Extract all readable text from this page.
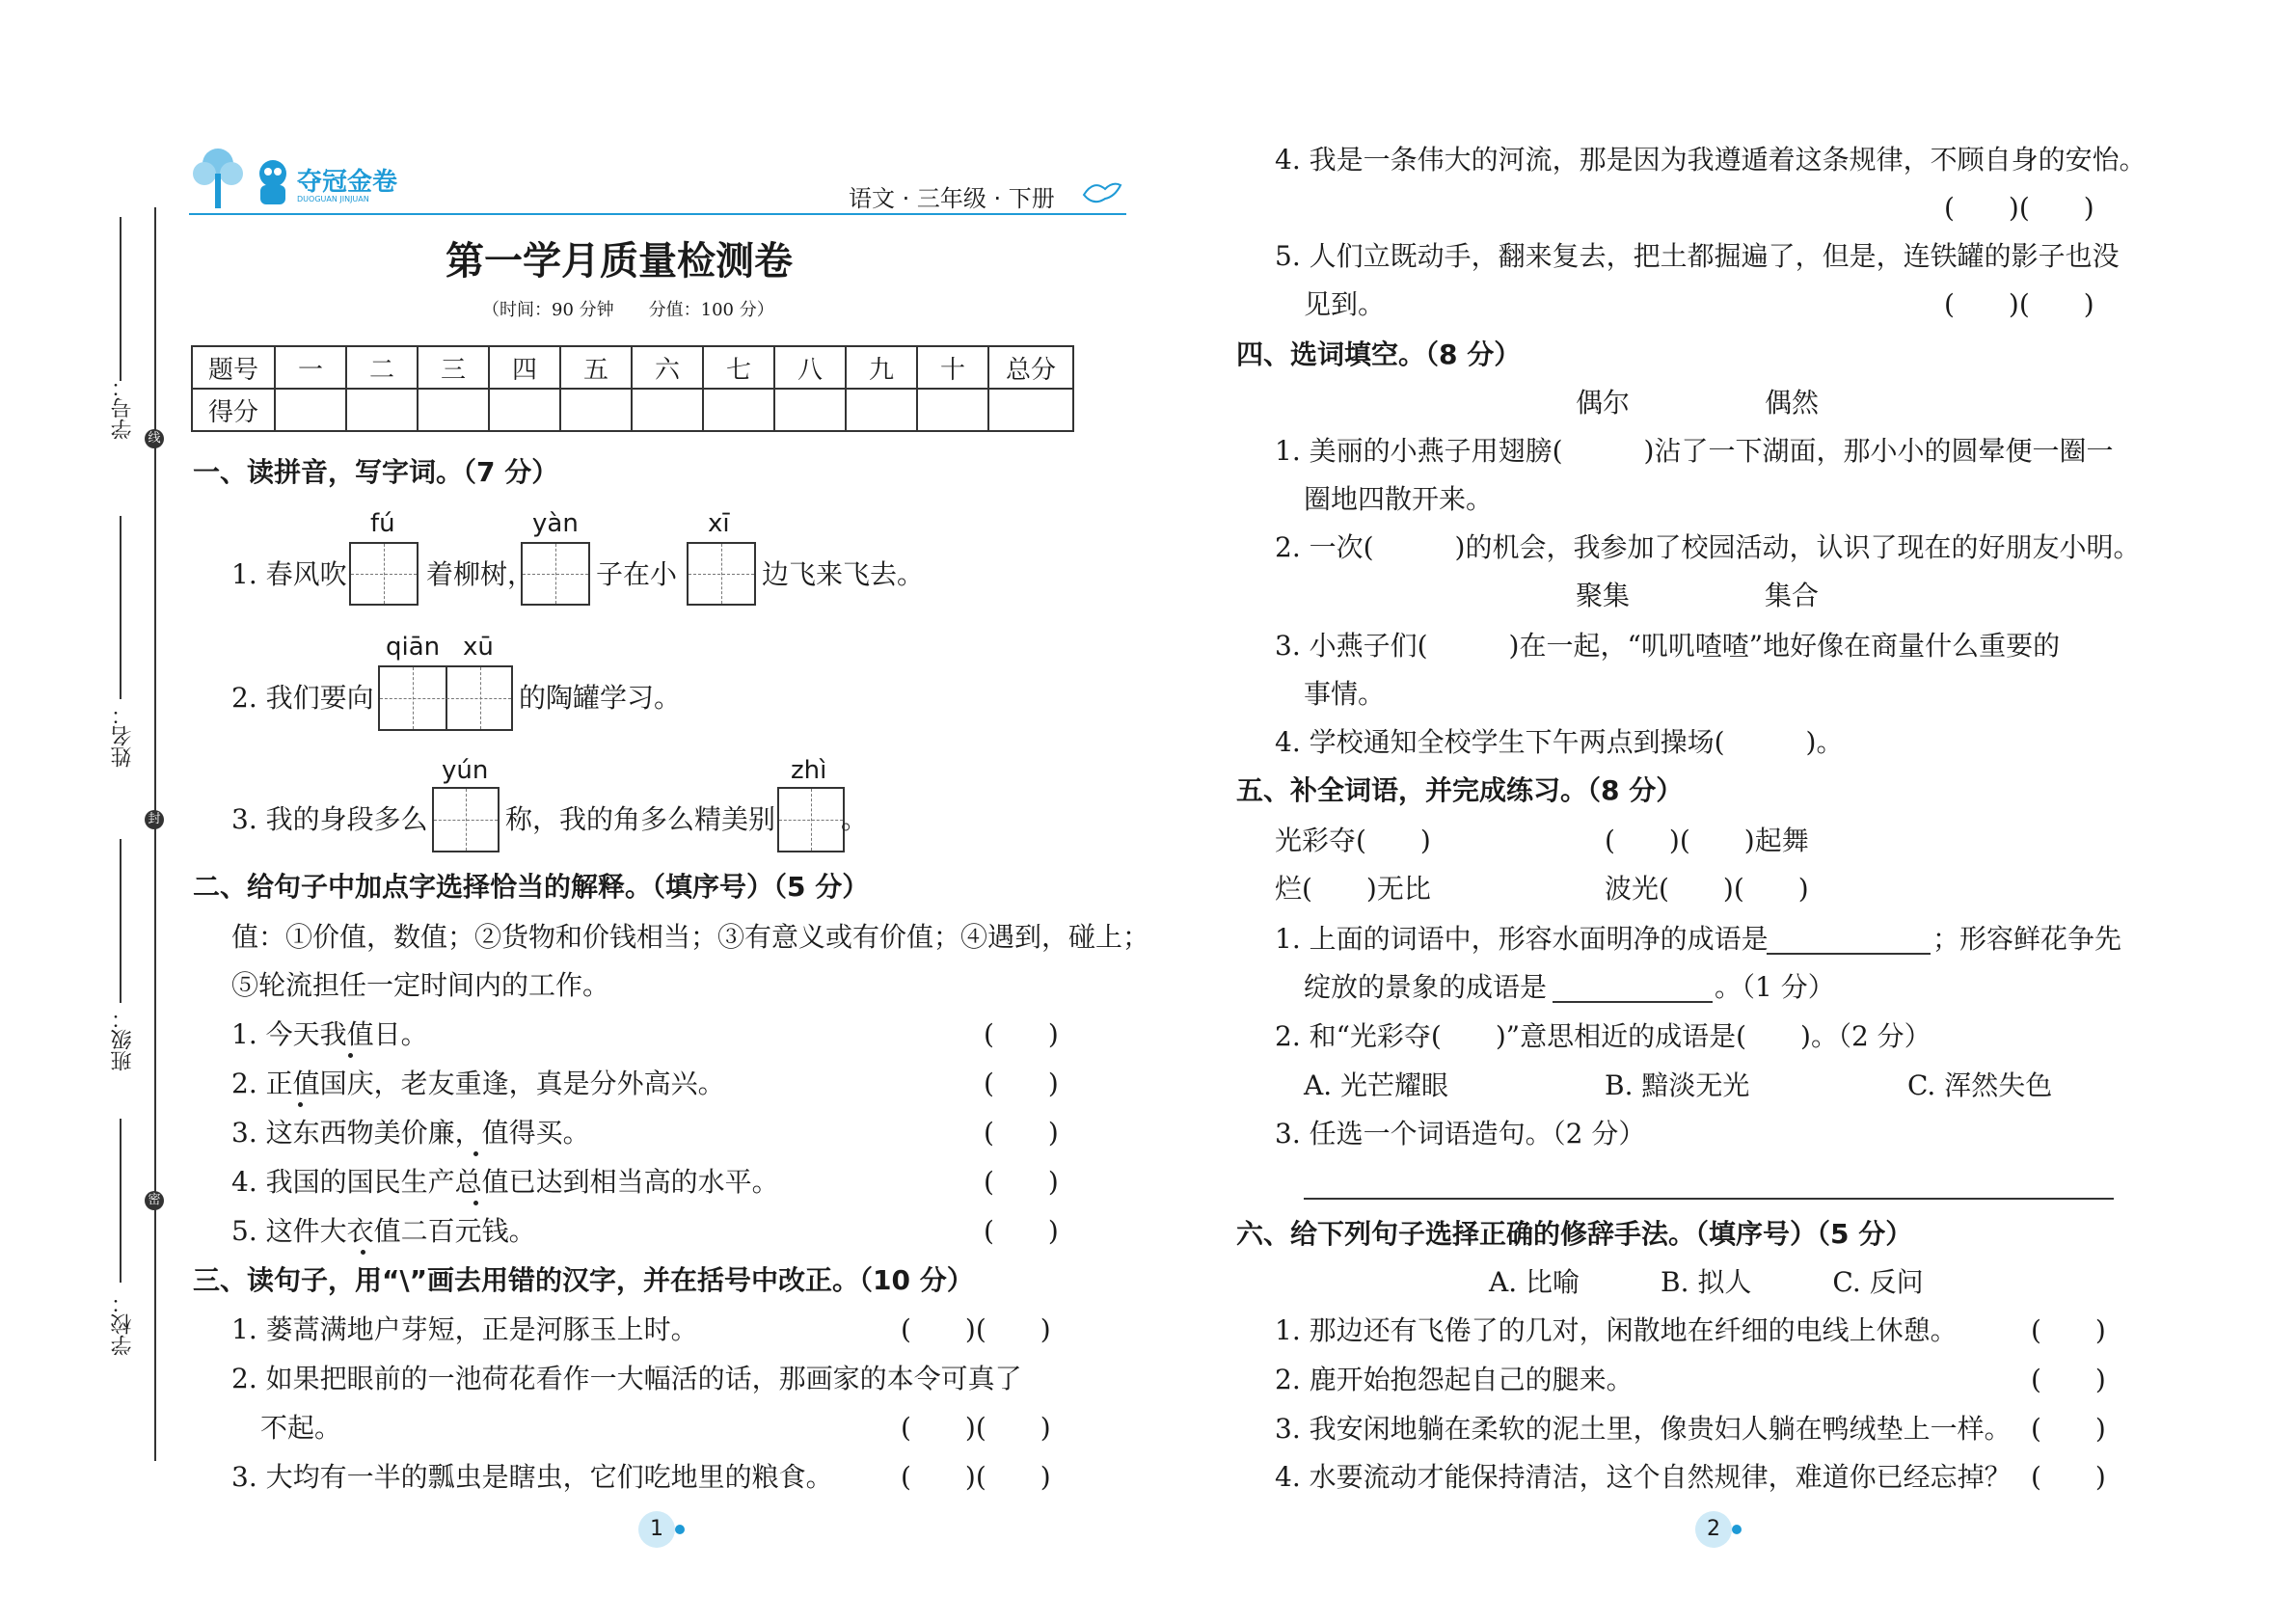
线
封
密
学号：
姓名：
班级：
学校：
夺冠金卷
DUOGUAN JINJUAN	语文 · 三年级 · 下册
第一学月质量检测卷
（时间：90 分钟　　分值：100 分）
题号	一	二	三	四	五	六	七	八	九	十	总分
得分											
一、读拼音，写字词。（7 分）
1. 春风吹
fú
着柳树，
yàn
子在小
xī
边飞来飞去。
2. 我们要向
qiān xū
的陶罐学习。
3. 我的身段多么
yún
称，我的角多么精美别
zhì
。
二、给句子中加点字选择恰当的解释。（填序号）（5 分）
值：①价值，数值；②货物和价钱相当；③有意义或有价值；④遇到，碰上；
⑤轮流担任一定时间内的工作。
1. 今天我值日。	(　　)
2. 正值国庆，老友重逢，真是分外高兴。	(　　)
3. 这东西物美价廉，值得买。	(　　)
4. 我国的国民生产总值已达到相当高的水平。	(　　)
5. 这件大衣值二百元钱。	(　　)
三、读句子，用“\”画去用错的汉字，并在括号中改正。（10 分）
1. 蒌蒿满地户芽短，正是河豚玉上时。	(　　)(　　)
2. 如果把眼前的一池荷花看作一大幅活的话，那画家的本令可真了
不起。	(　　)(　　)
3. 大均有一半的瓢虫是瞎虫，它们吃地里的粮食。	(　　)(　　)
1
4. 我是一条伟大的河流，那是因为我遵遁着这条规律，不顾自身的安怡。
(　　)(　　)
5. 人们立既动手，翻来复去，把土都掘遍了，但是，连铁罐的影子也没
见到。	(　　)(　　)
四、选词填空。（8 分）
偶尔	偶然
1. 美丽的小燕子用翅膀(　　　)沾了一下湖面，那小小的圆晕便一圈一
圈地四散开来。
2. 一次(　　　)的机会，我参加了校园活动，认识了现在的好朋友小明。
聚集	集合
3. 小燕子们(　　　)在一起，“叽叽喳喳”地好像在商量什么重要的
事情。
4. 学校通知全校学生下午两点到操场(　　　)。
五、补全词语，并完成练习。（8 分）
光彩夺(　　)	(　　)(　　)起舞
烂(　　)无比	波光(　　)(　　)
1. 上面的词语中，形容水面明净的成语是	；形容鲜花争先
绽放的景象的成语是	。（1 分）
2. 和“光彩夺(　　)”意思相近的成语是(　　)。（2 分）
A. 光芒耀眼	B. 黯淡无光	C. 浑然失色
3. 任选一个词语造句。（2 分）
六、给下列句子选择正确的修辞手法。（填序号）（5 分）
A. 比喻　　　B. 拟人　　　C. 反问
1. 那边还有飞倦了的几对，闲散地在纤细的电线上休憩。	(　　)
2. 鹿开始抱怨起自己的腿来。	(　　)
3. 我安闲地躺在柔软的泥土里，像贵妇人躺在鸭绒垫上一样。 (　　)
4. 水要流动才能保持清洁，这个自然规律，难道你已经忘掉？ (　　)
2
